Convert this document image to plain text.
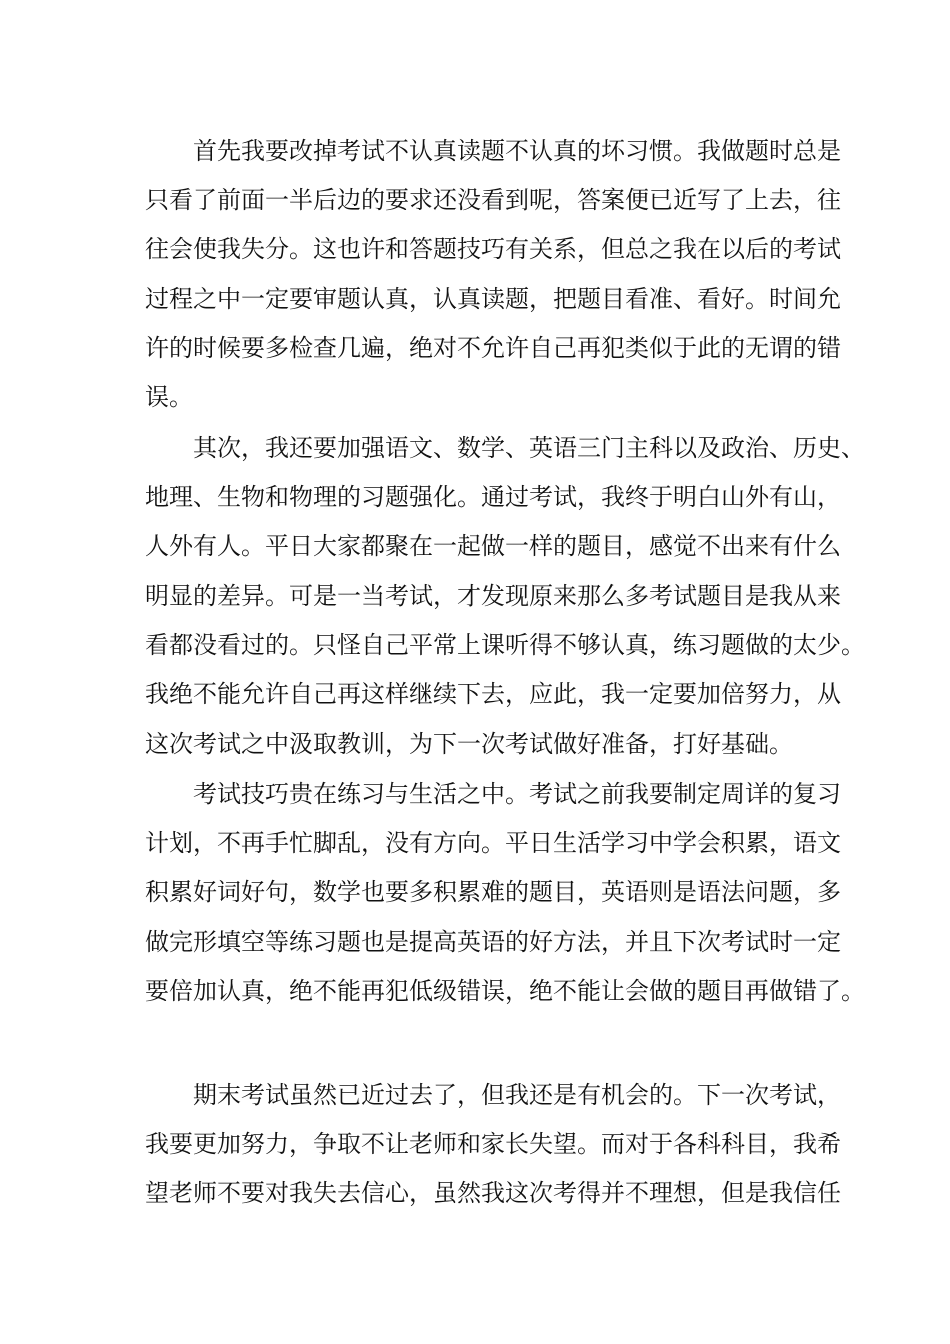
首先我要改掉考试不认真读题不认真的坏习惯。我做题时总是
只看了前面一半后边的要求还没看到呢，答案便已近写了上去，往
往会使我失分。这也许和答题技巧有关系，但总之我在以后的考试
过程之中一定要审题认真，认真读题，把题目看准、看好。时间允
许的时候要多检查几遍，绝对不允许自己再犯类似于此的无谓的错
误。
其次，我还要加强语文、数学、英语三门主科以及政治、历史、
地理、生物和物理的习题强化。通过考试，我终于明白山外有山，
人外有人。平日大家都聚在一起做一样的题目，感觉不出来有什么
明显的差异。可是一当考试，才发现原来那么多考试题目是我从来
看都没看过的。只怪自己平常上课听得不够认真，练习题做的太少。
我绝不能允许自己再这样继续下去，应此，我一定要加倍努力，从
这次考试之中汲取教训，为下一次考试做好准备，打好基础。
考试技巧贵在练习与生活之中。考试之前我要制定周详的复习
计划，不再手忙脚乱，没有方向。平日生活学习中学会积累，语文
积累好词好句，数学也要多积累难的题目，英语则是语法问题，多
做完形填空等练习题也是提高英语的好方法，并且下次考试时一定
要倍加认真，绝不能再犯低级错误，绝不能让会做的题目再做错了。
期末考试虽然已近过去了，但我还是有机会的。下一次考试，
我要更加努力，争取不让老师和家长失望。而对于各科科目，我希
望老师不要对我失去信心，虽然我这次考得并不理想，但是我信任
